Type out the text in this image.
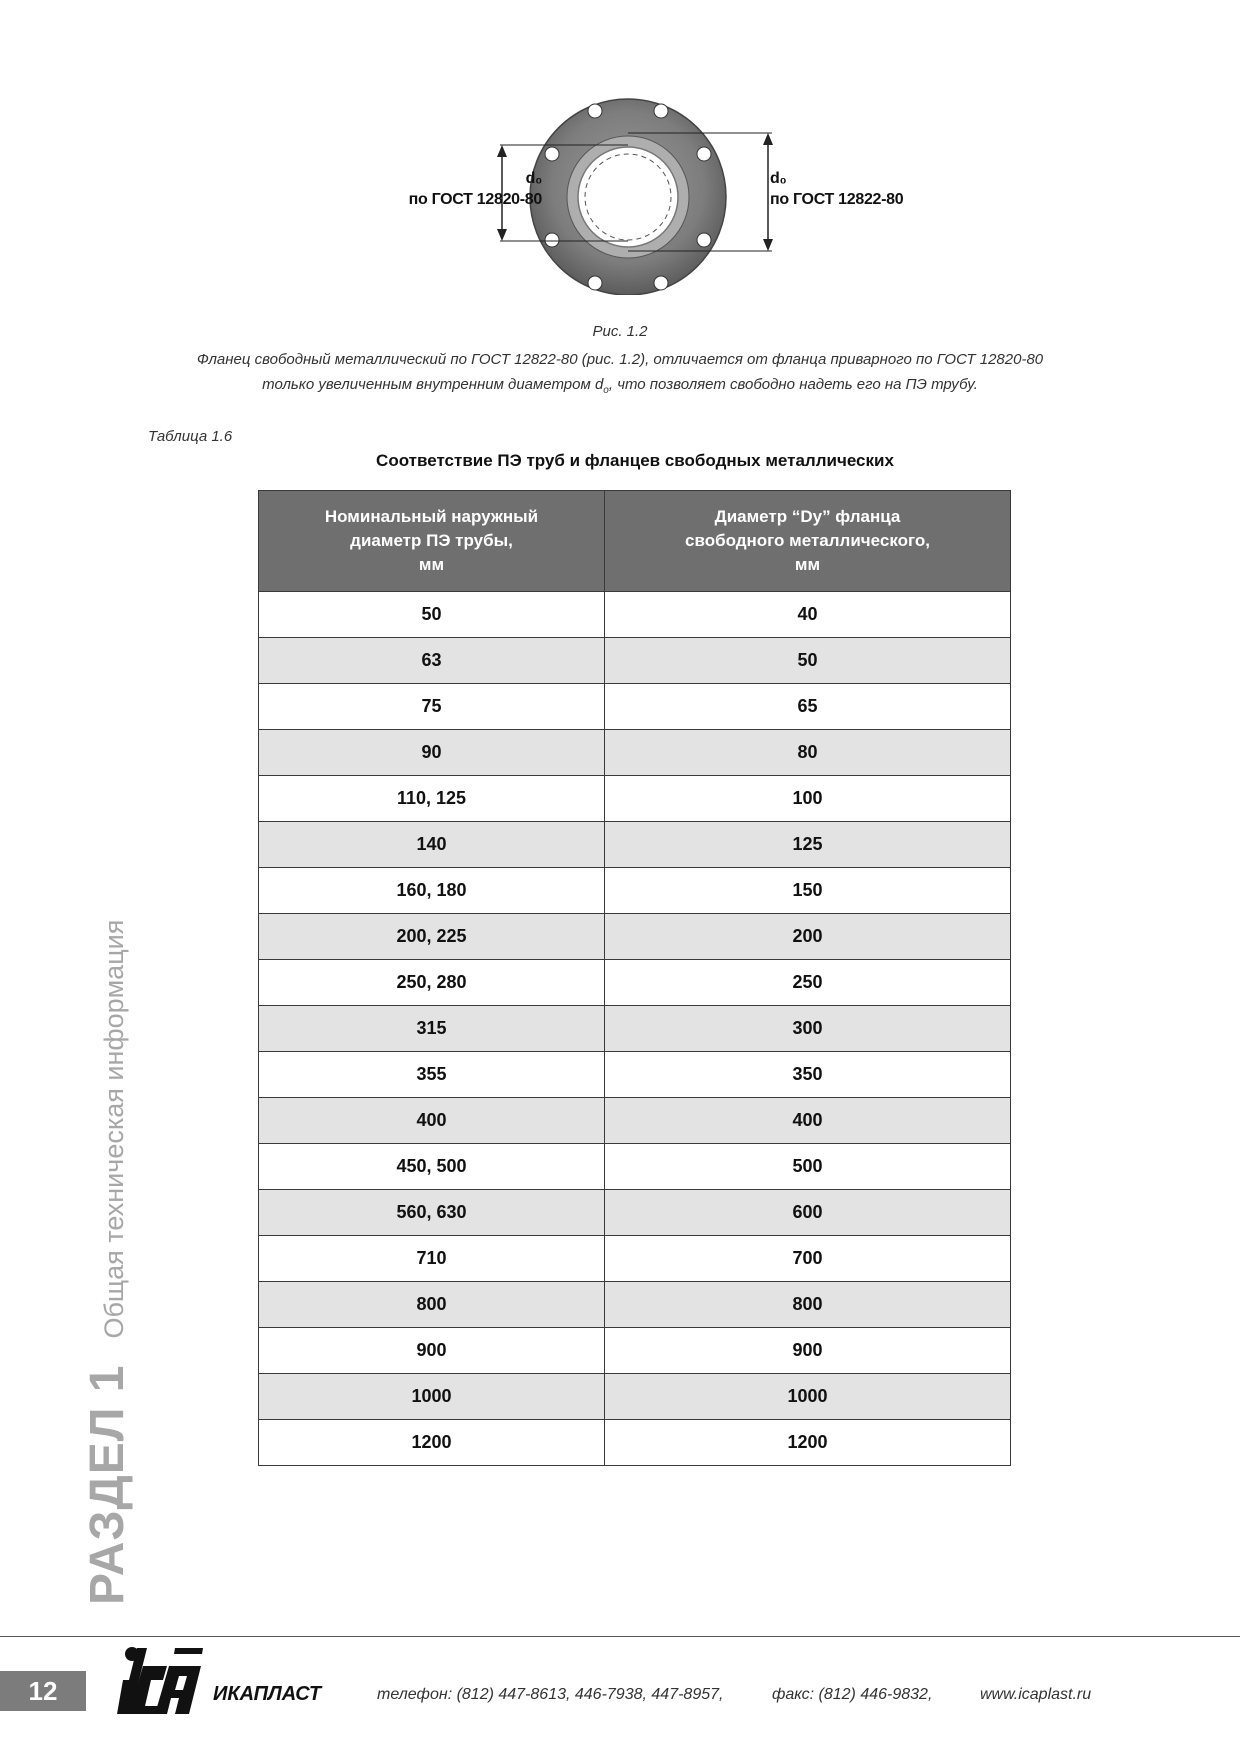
d₀
по ГОСТ 12820-80
d₀
по ГОСТ 12822-80
Рис. 1.2
Фланец свободный металлический по ГОСТ 12822-80 (рис. 1.2), отличается от фланца приварного по ГОСТ 12820-80
только увеличенным внутренним диаметром $d_o$, что позволяет свободно надеть его на ПЭ трубу.
Таблица 1.6
Соответствие ПЭ труб и фланцев свободных металлических
Номинальный наружный
диаметр ПЭ трубы,
мм	Диаметр “Dy” фланца
свободного металлического,
мм
50	40
63	50
75	65
90	80
110, 125	100
140	125
160, 180	150
200, 225	200
250, 280	250
315	300
355	350
400	400
450, 500	500
560, 630	600
710	700
800	800
900	900
1000	1000
1200	1200
РАЗДЕЛ 1Общая техническая информация
12	ИКАПЛАСТ	телефон: (812) 447-8613, 446-7938, 447-8957,	факс: (812) 446-9832,	www.icaplast.ru
